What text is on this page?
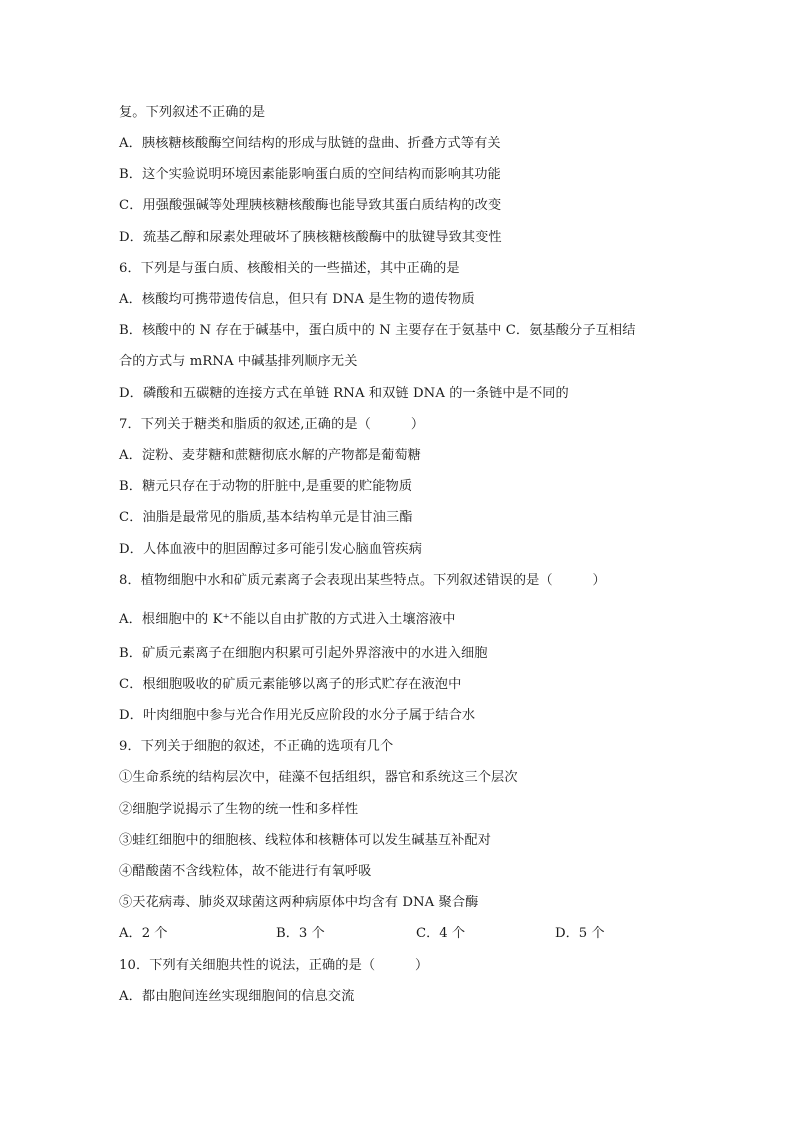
复。下列叙述不正确的是
A．胰核糖核酸酶空间结构的形成与肽链的盘曲、折叠方式等有关
B．这个实验说明环境因素能影响蛋白质的空间结构而影响其功能
C．用强酸强碱等处理胰核糖核酸酶也能导致其蛋白质结构的改变
D．巯基乙醇和尿素处理破坏了胰核糖核酸酶中的肽键导致其变性
6．下列是与蛋白质、核酸相关的一些描述，其中正确的是
A．核酸均可携带遗传信息，但只有 DNA 是生物的遗传物质
B．核酸中的 N 存在于碱基中，蛋白质中的 N 主要存在于氨基中 C．氨基酸分子互相结
合的方式与 mRNA 中碱基排列顺序无关
D．磷酸和五碳糖的连接方式在单链 RNA 和双链 DNA 的一条链中是不同的
7．下列关于糖类和脂质的叙述,正确的是（　　　）
A．淀粉、麦芽糖和蔗糖彻底水解的产物都是葡萄糖
B．糖元只存在于动物的肝脏中,是重要的贮能物质
C．油脂是最常见的脂质,基本结构单元是甘油三酯
D．人体血液中的胆固醇过多可能引发心脑血管疾病
8．植物细胞中水和矿质元素离子会表现出某些特点。下列叙述错误的是（　　　）
A．根细胞中的 K⁺不能以自由扩散的方式进入土壤溶液中
B．矿质元素离子在细胞内积累可引起外界溶液中的水进入细胞
C．根细胞吸收的矿质元素能够以离子的形式贮存在液泡中
D．叶肉细胞中参与光合作用光反应阶段的水分子属于结合水
9．下列关于细胞的叙述，不正确的选项有几个
①生命系统的结构层次中，硅藻不包括组织，器官和系统这三个层次
②细胞学说揭示了生物的统一性和多样性
③蛙红细胞中的细胞核、线粒体和核糖体可以发生碱基互补配对
④醋酸菌不含线粒体，故不能进行有氧呼吸
⑤天花病毒、肺炎双球菌这两种病原体中均含有 DNA 聚合酶
A．2 个	B．3 个	C．4 个	D．5 个
10．下列有关细胞共性的说法，正确的是（　　　）
A．都由胞间连丝实现细胞间的信息交流
